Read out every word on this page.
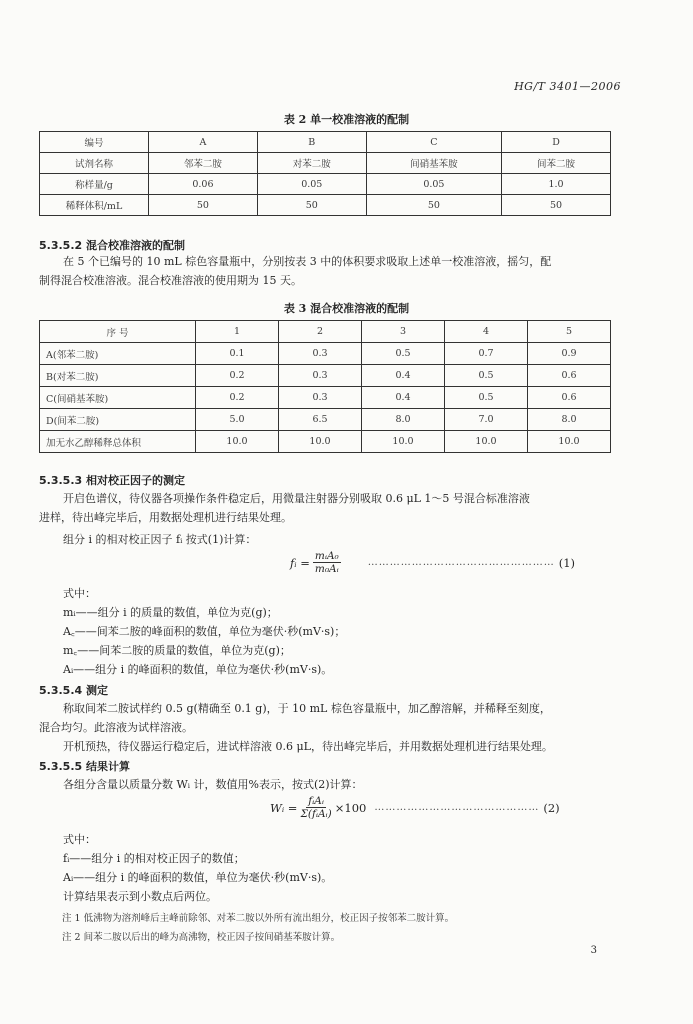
HG/T 3401—2006
表 2 单一校准溶液的配制
编号	A	B	C	D
试剂名称	邻苯二胺	对苯二胺	间硝基苯胺	间苯二胺
称样量/g	0.06	0.05	0.05	1.0
稀释体积/mL	50	50	50	50
5.3.5.2 混合校准溶液的配制
在 5 个已编号的 10 mL 棕色容量瓶中，分别按表 3 中的体积要求吸取上述单一校准溶液，摇匀，配
制得混合校准溶液。混合校准溶液的使用期为 15 天。
表 3 混合校准溶液的配制
序 号	1	2	3	4	5
A(邻苯二胺)	0.1	0.3	0.5	0.7	0.9
B(对苯二胺)	0.2	0.3	0.4	0.5	0.6
C(间硝基苯胺)	0.2	0.3	0.4	0.5	0.6
D(间苯二胺)	5.0	6.5	8.0	7.0	8.0
加无水乙醇稀释总体积	10.0	10.0	10.0	10.0	10.0
5.3.5.3 相对校正因子的测定
开启色谱仪，待仪器各项操作条件稳定后，用微量注射器分别吸取 0.6 μL 1～5 号混合标准溶液
进样，待出峰完毕后，用数据处理机进行结果处理。
组分 i 的相对校正因子 fᵢ 按式(1)计算：
fᵢ = $\frac{\text{mᵢA₀}}{\text{m₀Aᵢ}}$	…………………………………………… (1)
式中：
mᵢ——组分 i 的质量的数值，单位为克(g)；
A꜀——间苯二胺的峰面积的数值，单位为毫伏·秒(mV·s)；
m꜀——间苯二胺的质量的数值，单位为克(g)；
Aᵢ——组分 i 的峰面积的数值，单位为毫伏·秒(mV·s)。
5.3.5.4 测定
称取间苯二胺试样约 0.5 g(精确至 0.1 g)，于 10 mL 棕色容量瓶中，加乙醇溶解，并稀释至刻度，
混合均匀。此溶液为试样溶液。
开机预热，待仪器运行稳定后，进试样溶液 0.6 μL，待出峰完毕后，并用数据处理机进行结果处理。
5.3.5.5 结果计算
各组分含量以质量分数 Wᵢ 计，数值用%表示，按式(2)计算：
Wᵢ = $\frac{\text{fᵢAᵢ}}{\text{Σ(fᵢAᵢ)}} \times 100$ ……………………………………… (2)
式中：
fᵢ——组分 i 的相对校正因子的数值；
Aᵢ——组分 i 的峰面积的数值，单位为毫伏·秒(mV·s)。
计算结果表示到小数点后两位。
注 1 低沸物为溶剂峰后主峰前除邻、对苯二胺以外所有流出组分，校正因子按邻苯二胺计算。
注 2 间苯二胺以后出的峰为高沸物，校正因子按间硝基苯胺计算。
3
